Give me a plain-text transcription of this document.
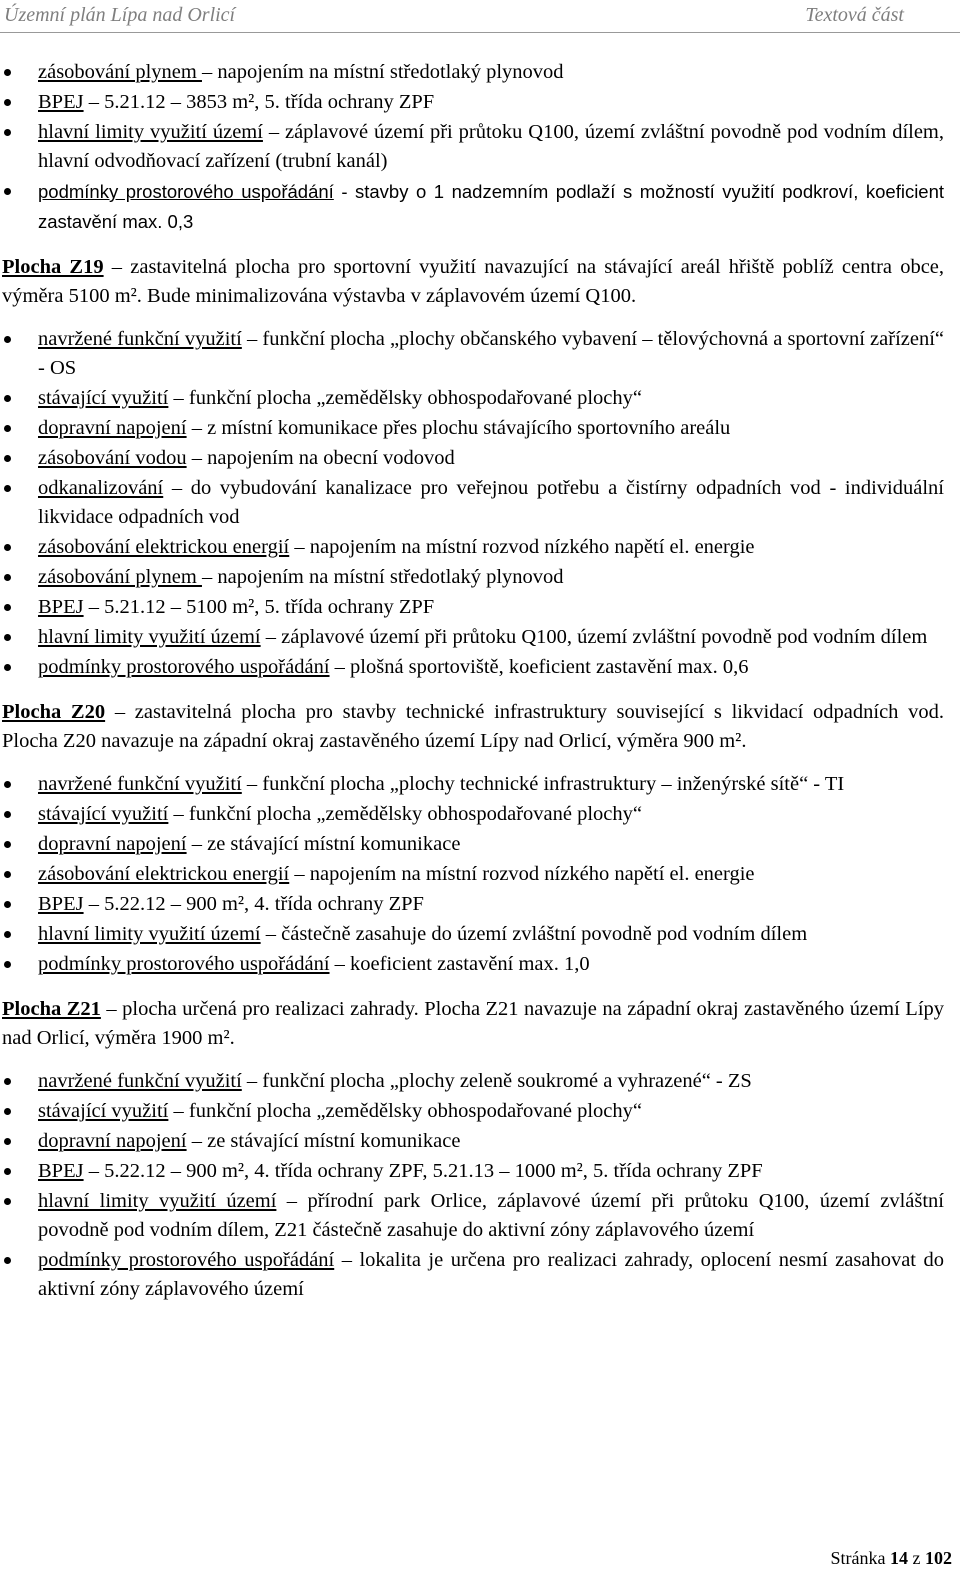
Územní plán Lípa nad Orlicí	Textová část
zásobování plynem – napojením na místní středotlaký plynovod
BPEJ – 5.21.12 – 3853 m², 5. třída ochrany ZPF
hlavní limity využití území – záplavové území při průtoku Q100, území zvláštní povodně pod vodním dílem, hlavní odvodňovací zařízení (trubní kanál)
podmínky prostorového uspořádání - stavby o 1 nadzemním podlaží s možností využití podkroví, koeficient zastavění max. 0,3

Plocha Z19 – zastavitelná plocha pro sportovní využití navazující na stávající areál hřiště poblíž centra obce, výměra 5100 m². Bude minimalizována výstavba v záplavovém území Q100.

navržené funkční využití – funkční plocha „plochy občanského vybavení – tělovýchovná a sportovní zařízení“ - OS
stávající využití – funkční plocha „zemědělsky obhospodařované plochy“
dopravní napojení – z místní komunikace přes plochu stávajícího sportovního areálu
zásobování vodou – napojením na obecní vodovod
odkanalizování – do vybudování kanalizace pro veřejnou potřebu a čistírny odpadních vod - individuální likvidace odpadních vod
zásobování elektrickou energií – napojením na místní rozvod nízkého napětí el. energie
zásobování plynem – napojením na místní středotlaký plynovod
BPEJ – 5.21.12 – 5100 m², 5. třída ochrany ZPF
hlavní limity využití území – záplavové území při průtoku Q100, území zvláštní povodně pod vodním dílem
podmínky prostorového uspořádání – plošná sportoviště, koeficient zastavění max. 0,6

Plocha Z20 – zastavitelná plocha pro stavby technické infrastruktury související s likvidací odpadních vod. Plocha Z20 navazuje na západní okraj zastavěného území Lípy nad Orlicí, výměra 900 m².

navržené funkční využití – funkční plocha „plochy technické infrastruktury – inženýrské sítě“ - TI
stávající využití – funkční plocha „zemědělsky obhospodařované plochy“
dopravní napojení – ze stávající místní komunikace
zásobování elektrickou energií – napojením na místní rozvod nízkého napětí el. energie
BPEJ – 5.22.12 – 900 m², 4. třída ochrany ZPF
hlavní limity využití území – částečně zasahuje do území zvláštní povodně pod vodním dílem
podmínky prostorového uspořádání – koeficient zastavění max. 1,0

Plocha Z21 – plocha určená pro realizaci zahrady. Plocha Z21 navazuje na západní okraj zastavěného území Lípy nad Orlicí, výměra 1900 m².

navržené funkční využití – funkční plocha „plochy zeleně soukromé a vyhrazené“ - ZS
stávající využití – funkční plocha „zemědělsky obhospodařované plochy“
dopravní napojení – ze stávající místní komunikace
BPEJ – 5.22.12 – 900 m², 4. třída ochrany ZPF, 5.21.13 – 1000 m², 5. třída ochrany ZPF
hlavní limity využití území – přírodní park Orlice, záplavové území při průtoku Q100, území zvláštní povodně pod vodním dílem, Z21 částečně zasahuje do aktivní zóny záplavového území
podmínky prostorového uspořádání – lokalita je určena pro realizaci zahrady, oplocení nesmí zasahovat do aktivní zóny záplavového území
Stránka 14 z 102
